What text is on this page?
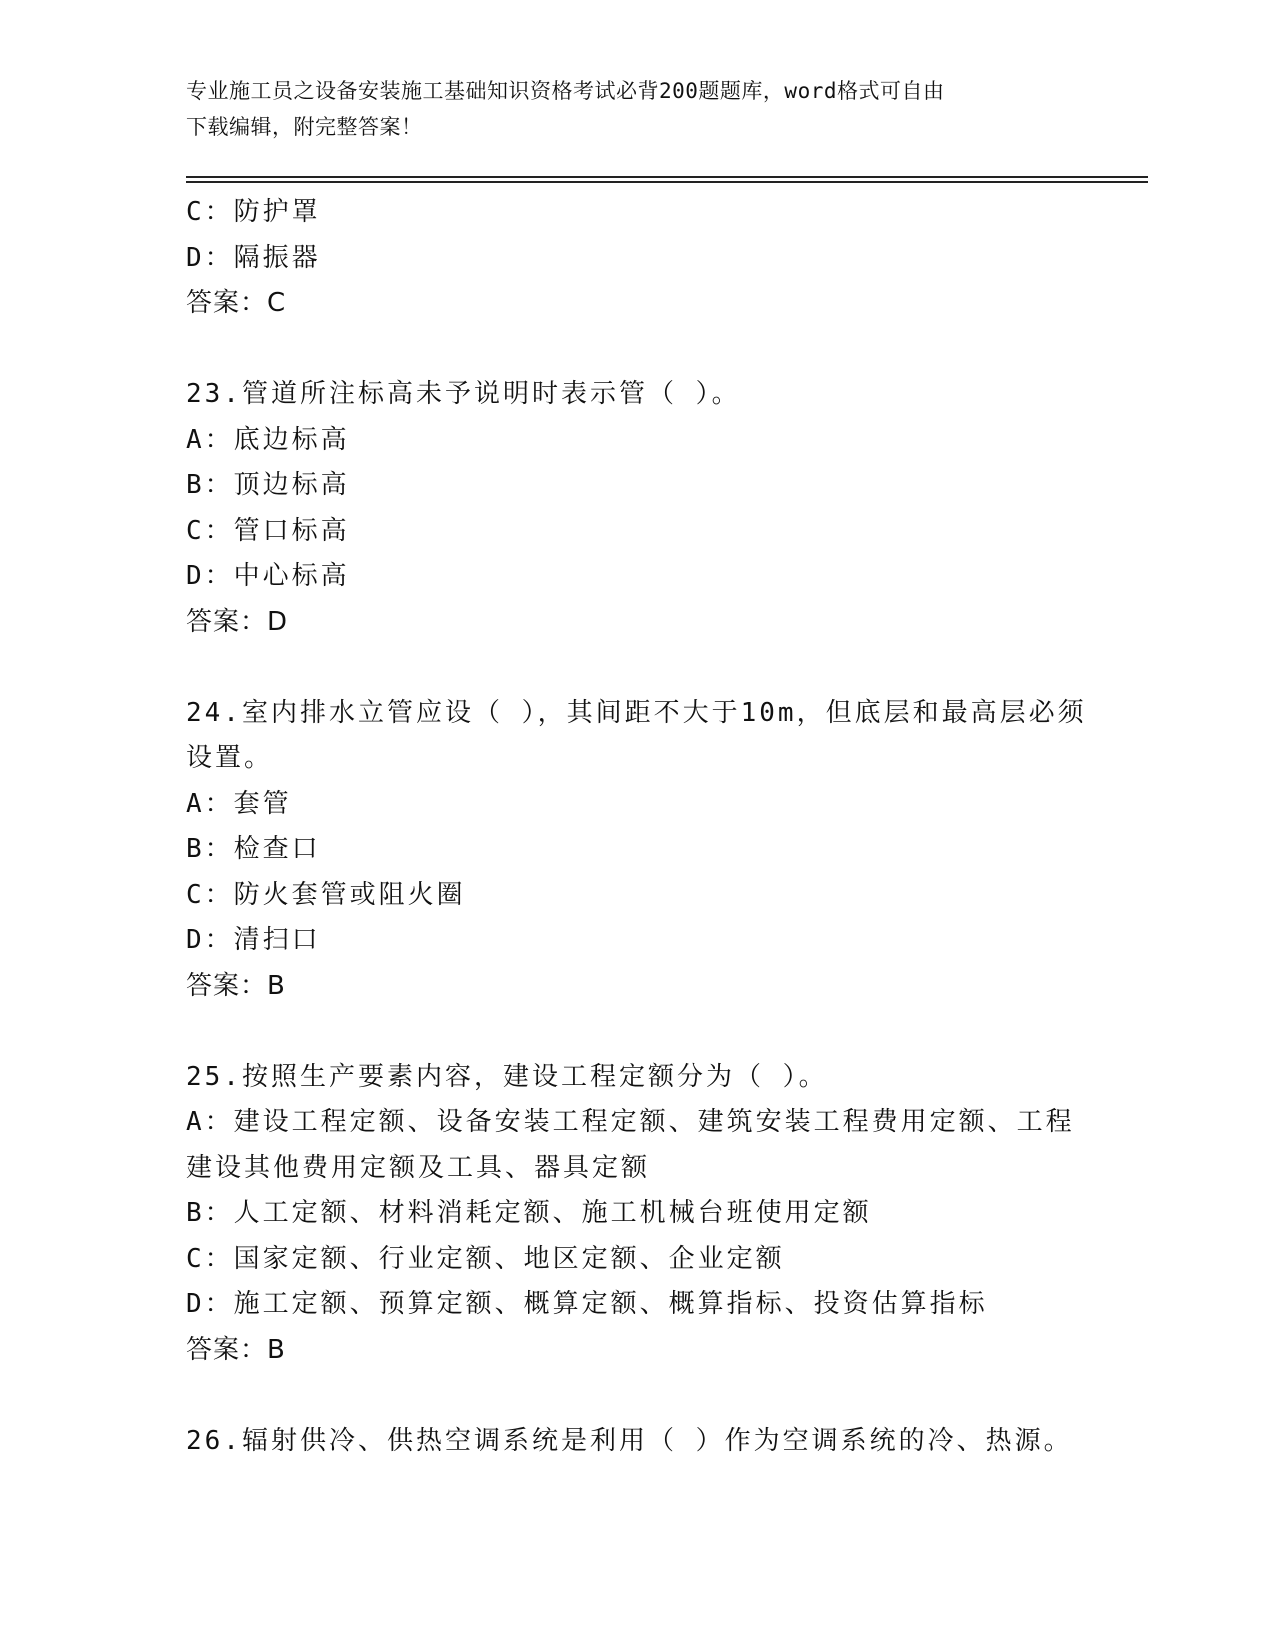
专业施工员之设备安装施工基础知识资格考试必背200题题库，word格式可自由
下载编辑，附完整答案！
C：防护罩
D：隔振器
答案：C
23.管道所注标高未予说明时表示管（ ）。
A：底边标高
B：顶边标高
C：管口标高
D：中心标高
答案：D
24.室内排水立管应设（ ），其间距不大于10m，但底层和最高层必须
设置。
A：套管
B：检查口
C：防火套管或阻火圈
D：清扫口
答案：B
25.按照生产要素内容，建设工程定额分为（ ）。
A：建设工程定额、设备安装工程定额、建筑安装工程费用定额、工程
建设其他费用定额及工具、器具定额
B：人工定额、材料消耗定额、施工机械台班使用定额
C：国家定额、行业定额、地区定额、企业定额
D：施工定额、预算定额、概算定额、概算指标、投资估算指标
答案：B
26.辐射供冷、供热空调系统是利用（ ）作为空调系统的冷、热源。
